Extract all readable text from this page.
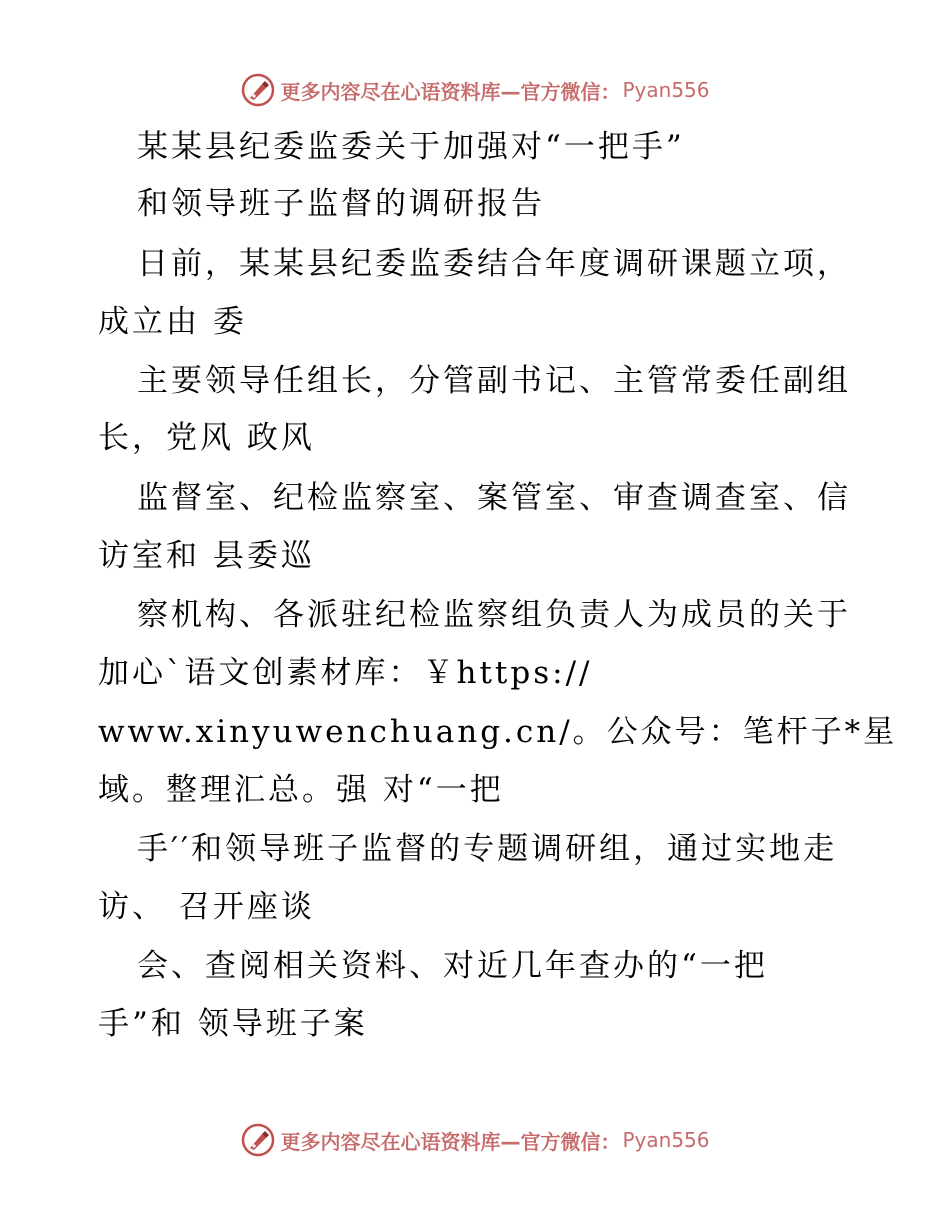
更多内容尽在心语资料库—官方微信： Pyan556
某某县纪委监委关于加强对“一把手”
和领导班子监督的调研报告
日前，某某县纪委监委结合年度调研课题立项，
成立由 委
主要领导任组长，分管副书记、主管常委任副组
长，党风 政风
监督室、纪检监察室、案管室、审查调查室、信
访室和 县委巡
察机构、各派驻纪检监察组负责人为成员的关于
加心`语文创素材库：￥https://
www.xinyuwenchuang.cn/。公众号：笔杆子*星
域。整理汇总。强 对“一把
手′′和领导班子监督的专题调研组，通过实地走
访、 召开座谈
会、查阅相关资料、对近几年查办的“一把
手”和 领导班子案
更多内容尽在心语资料库—官方微信： Pyan556
